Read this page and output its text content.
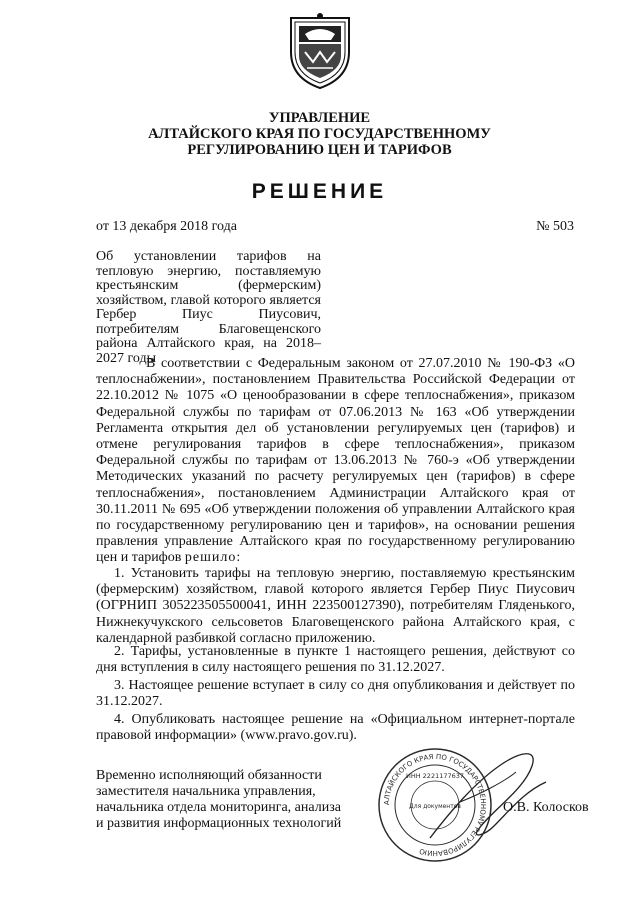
УПРАВЛЕНИЕ
АЛТАЙСКОГО КРАЯ ПО ГОСУДАРСТВЕННОМУ
РЕГУЛИРОВАНИЮ ЦЕН И ТАРИФОВ
РЕШЕНИЕ
от 13 декабря 2018 года	№ 503
Об установлении тарифов на тепловую энергию, поставляемую крестьянским (фермерским) хозяйством, главой которого является Гербер Пиус Пиусович, потребителям Благовещенского района Алтайского края, на 2018–2027 годы
В соответствии с Федеральным законом от 27.07.2010 № 190-ФЗ «О теплоснабжении», постановлением Правительства Российской Федерации от 22.10.2012 № 1075 «О ценообразовании в сфере теплоснабжения», приказом Федеральной службы по тарифам от 07.06.2013 № 163 «Об утверждении Регламента открытия дел об установлении регулируемых цен (тарифов) и отмене регулирования тарифов в сфере теплоснабжения», приказом Федеральной службы по тарифам от 13.06.2013 № 760-э «Об утверждении Методических указаний по расчету регулируемых цен (тарифов) в сфере теплоснабжения», постановлением Администрации Алтайского края от 30.11.2011 № 695 «Об утверждении положения об управлении Алтайского края по государственному регулированию цен и тарифов», на основании решения правления управление Алтайского края по государственному регулированию цен и тарифов решило:
1. Установить тарифы на тепловую энергию, поставляемую крестьянским (фермерским) хозяйством, главой которого является Гербер Пиус Пиусович (ОГРНИП 305223505500041, ИНН 223500127390), потребителям Гляденького, Нижнекучукского сельсоветов Благовещенского района Алтайского края, с календарной разбивкой согласно приложению.
2. Тарифы, установленные в пункте 1 настоящего решения, действуют со дня вступления в силу настоящего решения по 31.12.2027.
3. Настоящее решение вступает в силу со дня опубликования и действует по 31.12.2027.
4. Опубликовать настоящее решение на «Официальном интернет-портале правовой информации» (www.pravo.gov.ru).
Временно исполняющий обязанности
заместителя начальника управления,
начальника отдела мониторинга, анализа
и развития информационных технологий
АЛТАЙСКОГО КРАЯ ПО ГОСУДАРСТВЕННОМУ РЕГУЛИРОВАНИЮ
ИНН 2221177637
Для документов	О.В. Колосков
